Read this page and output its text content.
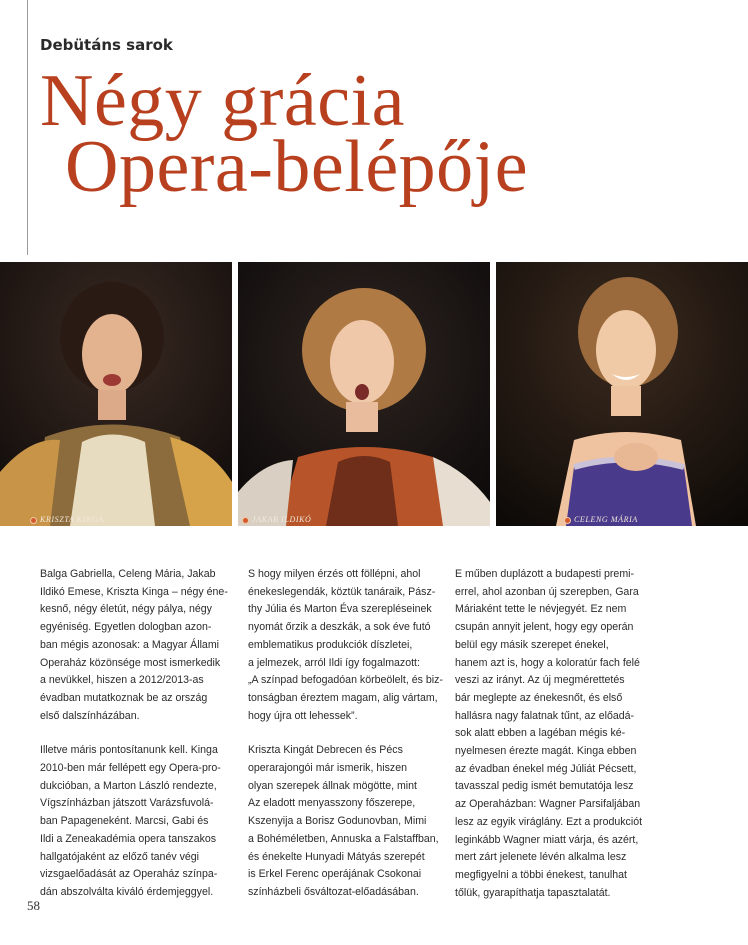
Debütáns sarok
Négy grácia
Opera-belépője
KRISZTA KINGA	JAKAB ILDIKÓ	CELENG MÁRIA

Balga Gabriella, Celeng Mária, Jakab
Ildikó Emese, Kriszta Kinga – négy éne-
kesnő, négy életút, négy pálya, négy
egyéniség. Egyetlen dologban azon-
ban mégis azonosak: a Magyar Állami
Operaház közönsége most ismerkedik
a nevükkel, hiszen a 2012/2013-as
évadban mutatkoznak be az ország
első dalszínházában.

Illetve máris pontosítanunk kell. Kinga
2010-ben már fellépett egy Opera-pro-
dukcióban, a Marton László rendezte,
Vígszínházban játszott Varázsfuvolá-
ban Papageneként. Marcsi, Gabi és
Ildi a Zeneakadémia opera tanszakos
hallgatójaként az előző tanév végi
vizsgaelőadását az Operaház színpa-
dán abszolválta kiváló érdemjeggyel.

S hogy milyen érzés ott föllépni, ahol
énekeslegendák, köztük tanáraik, Pász-
thy Júlia és Marton Éva szerepléseinek
nyomát őrzik a deszkák, a sok éve futó
emblematikus produkciók díszletei,
a jelmezek, arról Ildi így fogalmazott:
„A színpad befogadóan körbeölelt, és biz-
tonságban éreztem magam, alig vártam,
hogy újra ott lehessek”.

Kriszta Kingát Debrecen és Pécs
operarajongói már ismerik, hiszen
olyan szerepek állnak mögötte, mint
Az eladott menyasszony főszerepe,
Kszenyija a Borisz Godunovban, Mimi
a Bohéméletben, Annuska a Falstaffban,
és énekelte Hunyadi Mátyás szerepét
is Erkel Ferenc operájának Csokonai
színházbeli ősváltozat-előadásában.

E műben duplázott a budapesti premi-
errel, ahol azonban új szerepben, Gara
Máriaként tette le névjegyét. Ez nem
csupán annyit jelent, hogy egy operán
belül egy másik szerepet énekel,
hanem azt is, hogy a koloratúr fach felé
veszi az irányt. Az új megmérettetés
bár meglepte az énekesnőt, és első
hallásra nagy falatnak tűnt, az előadá-
sok alatt ebben a lagéban mégis ké-
nyelmesen érezte magát. Kinga ebben
az évadban énekel még Júliát Pécsett,
tavasszal pedig ismét bemutatója lesz
az Operaházban: Wagner Parsifaljában
lesz az egyik viráglány. Ezt a produkciót
leginkább Wagner miatt várja, és azért,
mert zárt jelenete lévén alkalma lesz
megfigyelni a többi énekest, tanulhat
tőlük, gyarapíthatja tapasztalatát.

58
